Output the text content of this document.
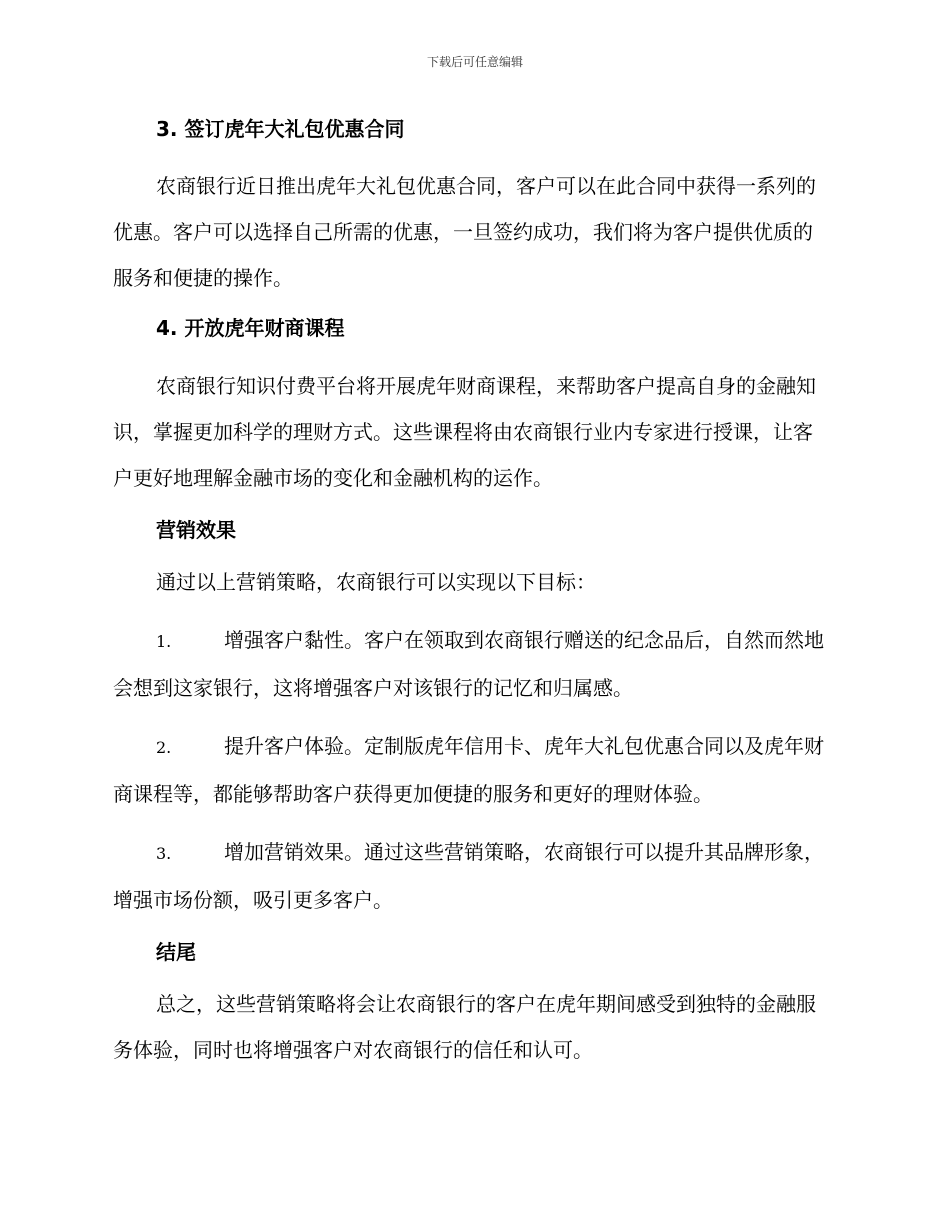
下载后可任意编辑
3. 签订虎年大礼包优惠合同

农商银行近日推出虎年大礼包优惠合同，客户可以在此合同中获得一系列的优惠。客户可以选择自己所需的优惠，一旦签约成功，我们将为客户提供优质的服务和便捷的操作。

4. 开放虎年财商课程

农商银行知识付费平台将开展虎年财商课程，来帮助客户提高自身的金融知识，掌握更加科学的理财方式。这些课程将由农商银行业内专家进行授课，让客户更好地理解金融市场的变化和金融机构的运作。

营销效果

通过以上营销策略，农商银行可以实现以下目标：

1.	增强客户黏性。客户在领取到农商银行赠送的纪念品后，自然而然地会想到这家银行，这将增强客户对该银行的记忆和归属感。

2.	提升客户体验。定制版虎年信用卡、虎年大礼包优惠合同以及虎年财商课程等，都能够帮助客户获得更加便捷的服务和更好的理财体验。

3.	增加营销效果。通过这些营销策略，农商银行可以提升其品牌形象，增强市场份额，吸引更多客户。

结尾

总之，这些营销策略将会让农商银行的客户在虎年期间感受到独特的金融服务体验，同时也将增强客户对农商银行的信任和认可。
